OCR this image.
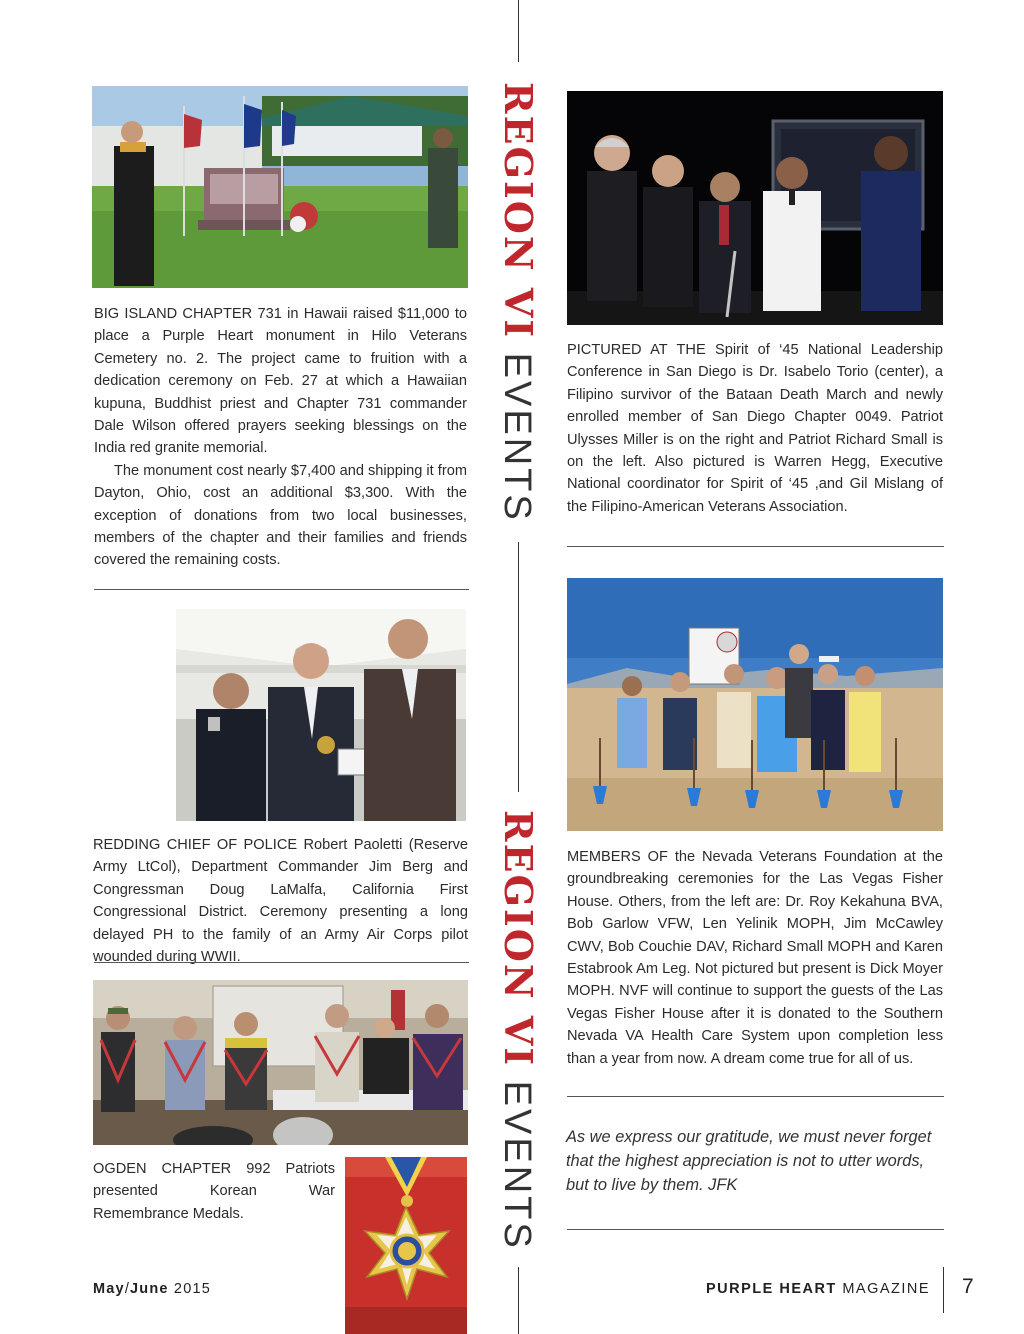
REGION VI EVENTS
REGION VI EVENTS

BIG ISLAND CHAPTER 731 in Hawaii raised $11,000 to place a Purple Heart monument in Hilo Veterans Cemetery no. 2. The project came to fruition with a dedication ceremony on Feb. 27 at which a Hawaiian kupuna, Buddhist priest and Chapter 731 commander Dale Wilson offered prayers seeking blessings on the India red granite memorial.

The monument cost nearly $7,400 and shipping it from Dayton, Ohio, cost an additional $3,300. With the exception of donations from two local businesses, members of the chapter and their families and friends covered the remaining costs.

REDDING CHIEF OF POLICE Robert Paoletti (Reserve Army LtCol), Department Commander Jim Berg and Congressman Doug LaMalfa, California First Congressional District. Ceremony presenting a long delayed PH to the family of an Army Air Corps pilot wounded during WWII.

OGDEN CHAPTER 992 Patriots presented Korean War Remembrance Medals.

PICTURED AT THE Spirit of ‘45 National Leadership Conference in San Diego is Dr. Isabelo Torio (center), a Filipino survivor of the Bataan Death March and newly enrolled member of San Diego Chapter 0049. Patriot Ulysses Miller is on the right and Patriot Richard Small is on the left. Also pictured is Warren Hegg, Executive National coordinator for Spirit of ‘45 ,and Gil Mislang of the Filipino-American Veterans Association.

MEMBERS OF the Nevada Veterans Foundation at the groundbreaking ceremonies for the Las Vegas Fisher House. Others, from the left are: Dr. Roy Kekahuna BVA, Bob Garlow VFW, Len Yelinik MOPH, Jim McCawley CWV, Bob Couchie DAV, Richard Small MOPH and Karen Estabrook Am Leg. Not pictured but present is Dick Moyer MOPH. NVF will continue to support the guests of the Las Vegas Fisher House after it is donated to the Southern Nevada VA Health Care System upon completion less than a year from now. A dream come true for all of us.

As we express our gratitude, we must never forget that the highest appreciation is not to utter words, but to live by them. JFK

May/June 2015	PURPLE HEART MAGAZINE 7
